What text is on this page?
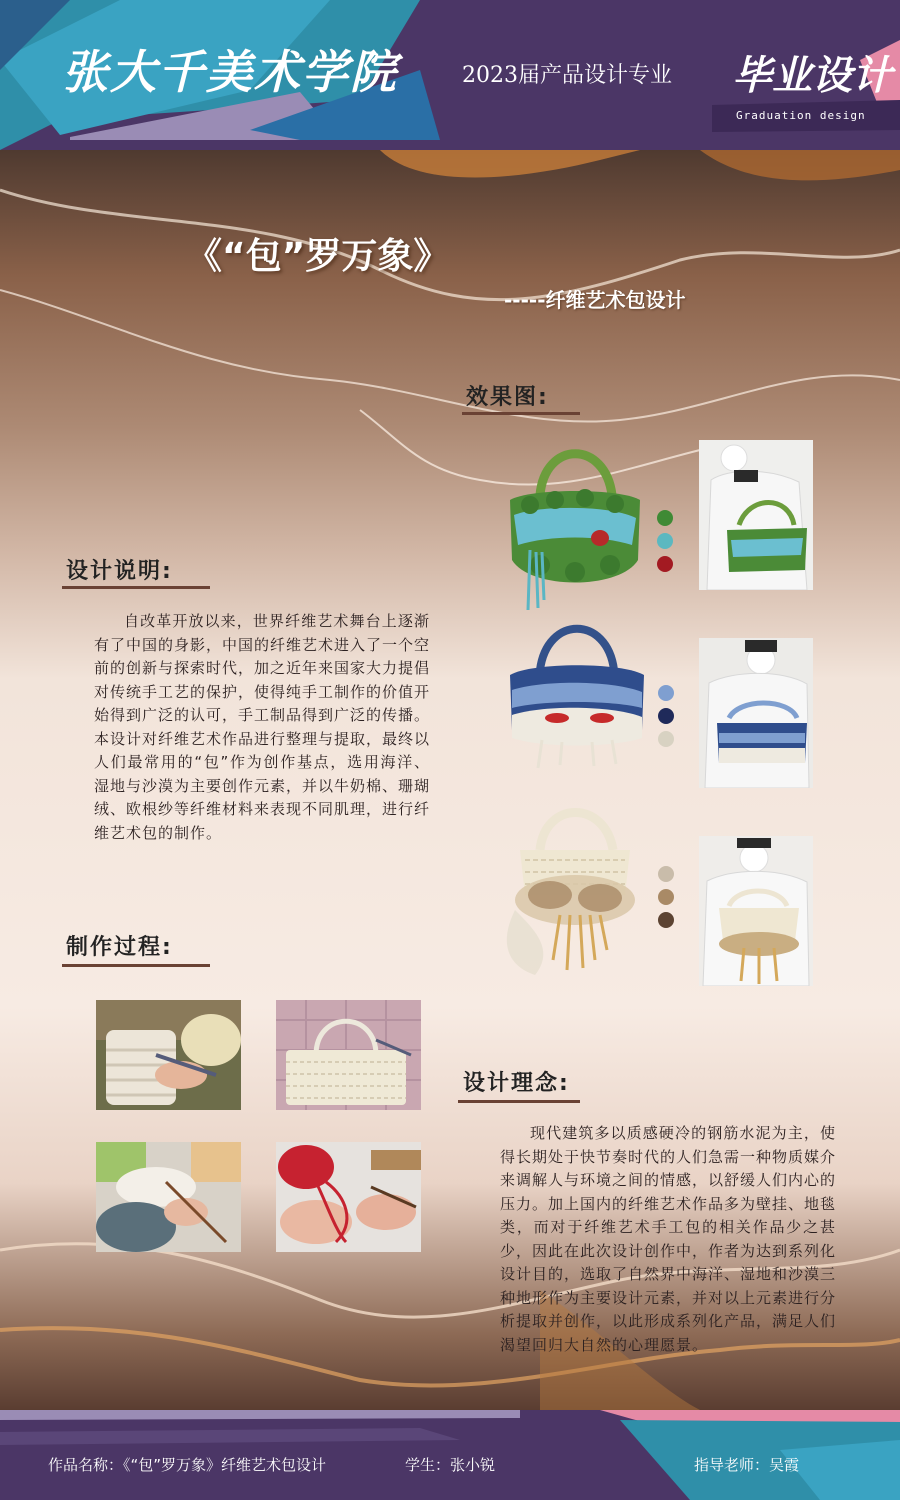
张大千美术学院	2023届产品设计专业 毕业设计
Graduation design
《“包”罗万象》
-----纤维艺术包设计
效果图:
设计说明:
自改革开放以来，世界纤维艺术舞台上逐渐有了中国的身影，中国的纤维艺术进入了一个空前的创新与探索时代，加之近年来国家大力提倡对传统手工艺的保护，使得纯手工制作的价值开始得到广泛的认可，手工制品得到广泛的传播。本设计对纤维艺术作品进行整理与提取，最终以人们最常用的“包”作为创作基点，选用海洋、湿地与沙漠为主要创作元素，并以牛奶棉、珊瑚绒、欧根纱等纤维材料来表现不同肌理，进行纤维艺术包的制作。
制作过程:
设计理念:
现代建筑多以质感硬冷的钢筋水泥为主，使得长期处于快节奏时代的人们急需一种物质媒介来调解人与环境之间的情感，以舒缓人们内心的压力。加上国内的纤维艺术作品多为壁挂、地毯类，而对于纤维艺术手工包的相关作品少之甚少，因此在此次设计创作中，作者为达到系列化设计目的，选取了自然界中海洋、湿地和沙漠三种地形作为主要设计元素，并对以上元素进行分析提取并创作，以此形成系列化产品，满足人们渴望回归大自然的心理愿景。
作品名称：《“包”罗万象》纤维艺术包设计	学生：张小锐	指导老师：吴霞
